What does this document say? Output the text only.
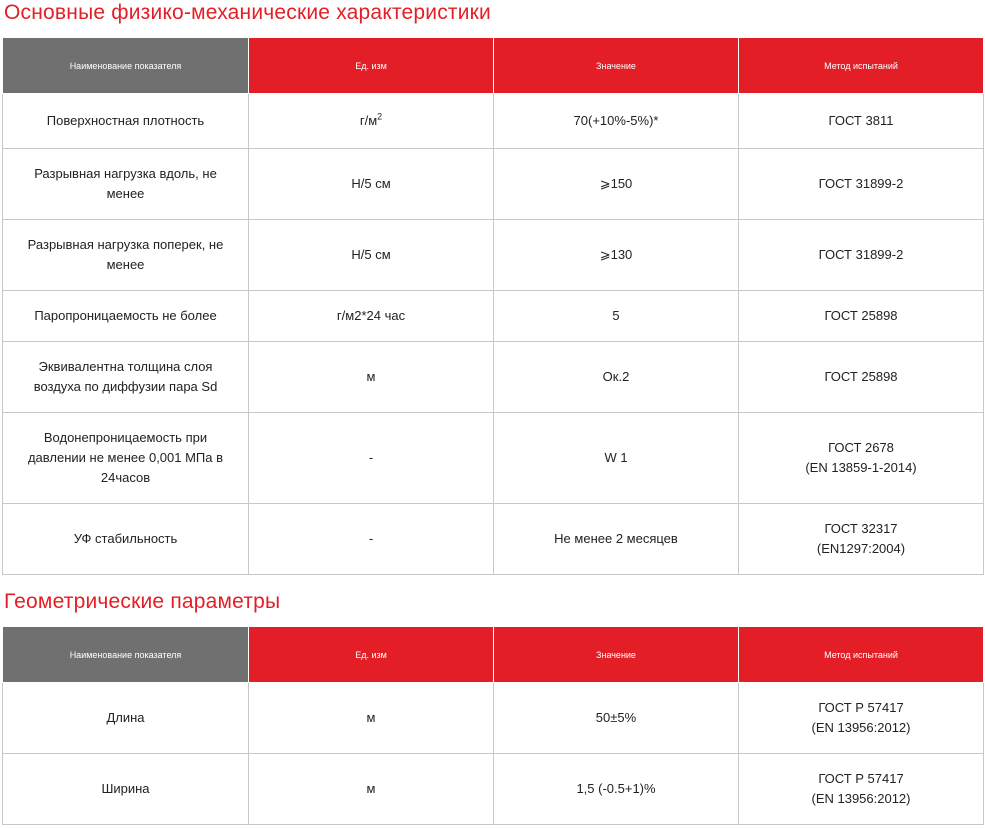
Основные физико-механические характеристики
Наименование показателя	Ед. изм	Значение	Метод испытаний
Поверхностная плотность	$г/м^2$	70(+10%-5%)*	ГОСТ 3811
Разрывная нагрузка вдоль, не менее	Н/5 см	⩾150	ГОСТ 31899-2
Разрывная нагрузка поперек, не менее	Н/5 см	⩾130	ГОСТ 31899-2
Паропроницаемость не более	г/м2*24 час	5	ГОСТ 25898
Эквивалентна толщина слоя воздуха по диффузии пара Sd	м	Ок.2	ГОСТ 25898
Водонепроницаемость при давлении не менее 0,001 МПа в 24часов	-	W 1	ГОСТ 2678
(EN 13859-1-2014)
УФ стабильность	-	Не менее 2 месяцев	ГОСТ 32317
(EN1297:2004)
Геометрические параметры
Наименование показателя	Ед. изм	Значение	Метод испытаний
Длина	м	50±5%	ГОСТ Р 57417
(EN 13956:2012)
Ширина	м	1,5 (-0.5+1)%	ГОСТ Р 57417
(EN 13956:2012)
